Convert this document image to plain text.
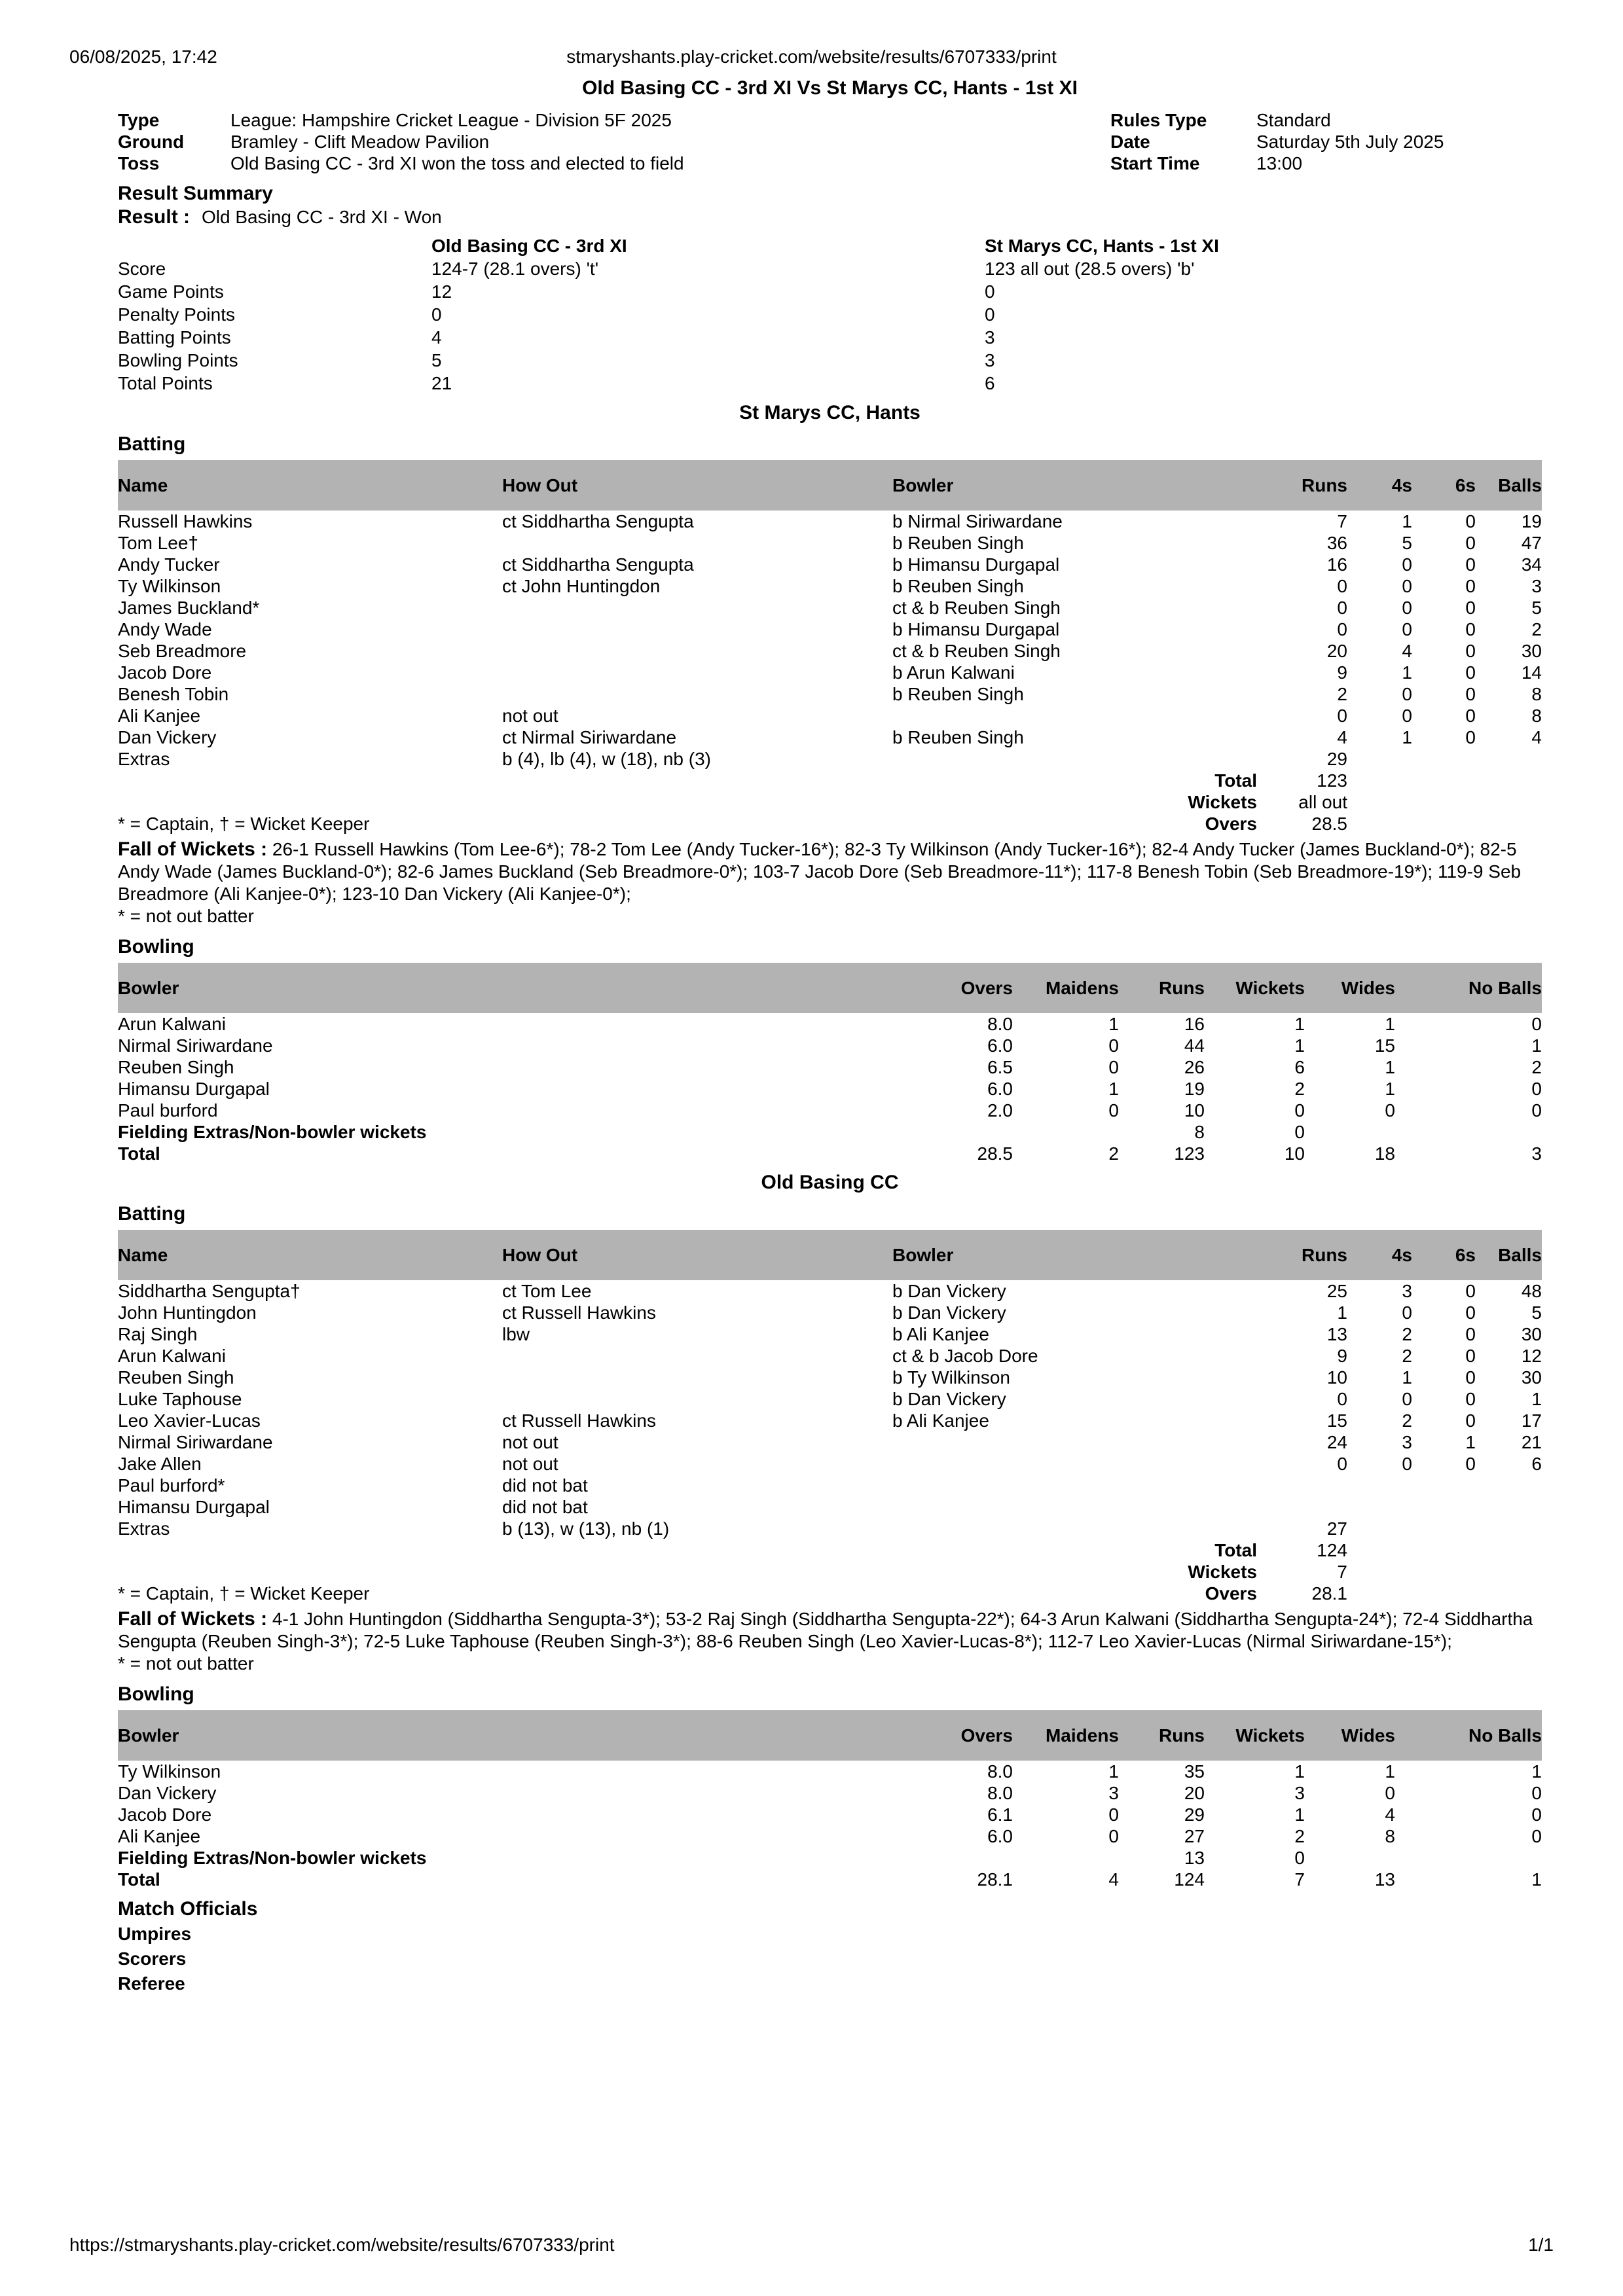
06/08/2025, 17:42	stmaryshants.play-cricket.com/website/results/6707333/print
Old Basing CC - 3rd XI Vs St Marys CC, Hants - 1st XI
Type	League: Hampshire Cricket League - Division 5F 2025	Rules Type	Standard
Ground	Bramley - Clift Meadow Pavilion	Date	Saturday 5th July 2025
Toss	Old Basing CC - 3rd XI won the toss and elected to field	Start Time	13:00
Result Summary
Result : Old Basing CC - 3rd XI - Won
Old Basing CC - 3rd XI	St Marys CC, Hants - 1st XI
Score	124-7 (28.1 overs) 't'	123 all out (28.5 overs) 'b'
Game Points	12	0
Penalty Points	0	0
Batting Points	4	3
Bowling Points	5	3
Total Points	21	6
St Marys CC, Hants
Batting
Name	How Out	Bowler	Runs	4s	6s	Balls
Russell Hawkins	ct Siddhartha Sengupta	b Nirmal Siriwardane	7	1	0	19
Tom Lee†		b Reuben Singh	36	5	0	47
Andy Tucker	ct Siddhartha Sengupta	b Himansu Durgapal	16	0	0	34
Ty Wilkinson	ct John Huntingdon	b Reuben Singh	0	0	0	3
James Buckland*		ct & b Reuben Singh	0	0	0	5
Andy Wade		b Himansu Durgapal	0	0	0	2
Seb Breadmore		ct & b Reuben Singh	20	4	0	30
Jacob Dore		b Arun Kalwani	9	1	0	14
Benesh Tobin		b Reuben Singh	2	0	0	8
Ali Kanjee	not out		0	0	0	8
Dan Vickery	ct Nirmal Siriwardane	b Reuben Singh	4	1	0	4
Extras	b (4), lb (4), w (18), nb (3)		29			
		Total	123			
		Wickets	all out			
* = Captain, † = Wicket Keeper		Overs	28.5			

Fall of Wickets : 26-1 Russell Hawkins (Tom Lee-6*); 78-2 Tom Lee (Andy Tucker-16*); 82-3 Ty Wilkinson (Andy Tucker-16*); 82-4 Andy Tucker (James Buckland-0*); 82-5 Andy Wade (James Buckland-0*); 82-6 James Buckland (Seb Breadmore-0*); 103-7 Jacob Dore (Seb Breadmore-11*); 117-8 Benesh Tobin (Seb Breadmore-19*); 119-9 Seb Breadmore (Ali Kanjee-0*); 123-10 Dan Vickery (Ali Kanjee-0*);

* = not out batter

Bowling
Bowler	Overs	Maidens	Runs	Wickets	Wides	No Balls
Arun Kalwani	8.0	1	16	1	1	0
Nirmal Siriwardane	6.0	0	44	1	15	1
Reuben Singh	6.5	0	26	6	1	2
Himansu Durgapal	6.0	1	19	2	1	0
Paul burford	2.0	0	10	0	0	0
Fielding Extras/Non-bowler wickets			8	0		
Total	28.5	2	123	10	18	3
Old Basing CC
Batting
Name	How Out	Bowler	Runs	4s	6s	Balls
Siddhartha Sengupta†	ct Tom Lee	b Dan Vickery	25	3	0	48
John Huntingdon	ct Russell Hawkins	b Dan Vickery	1	0	0	5
Raj Singh	lbw	b Ali Kanjee	13	2	0	30
Arun Kalwani		ct & b Jacob Dore	9	2	0	12
Reuben Singh		b Ty Wilkinson	10	1	0	30
Luke Taphouse		b Dan Vickery	0	0	0	1
Leo Xavier-Lucas	ct Russell Hawkins	b Ali Kanjee	15	2	0	17
Nirmal Siriwardane	not out		24	3	1	21
Jake Allen	not out		0	0	0	6
Paul burford*	did not bat					
Himansu Durgapal	did not bat					
Extras	b (13), w (13), nb (1)		27			
		Total	124			
		Wickets	7			
* = Captain, † = Wicket Keeper		Overs	28.1			

Fall of Wickets : 4-1 John Huntingdon (Siddhartha Sengupta-3*); 53-2 Raj Singh (Siddhartha Sengupta-22*); 64-3 Arun Kalwani (Siddhartha Sengupta-24*); 72-4 Siddhartha Sengupta (Reuben Singh-3*); 72-5 Luke Taphouse (Reuben Singh-3*); 88-6 Reuben Singh (Leo Xavier-Lucas-8*); 112-7 Leo Xavier-Lucas (Nirmal Siriwardane-15*);

* = not out batter

Bowling
Bowler	Overs	Maidens	Runs	Wickets	Wides	No Balls
Ty Wilkinson	8.0	1	35	1	1	1
Dan Vickery	8.0	3	20	3	0	0
Jacob Dore	6.1	0	29	1	4	0
Ali Kanjee	6.0	0	27	2	8	0
Fielding Extras/Non-bowler wickets			13	0		
Total	28.1	4	124	7	13	1
Match Officials
Umpires
Scorers
Referee
https://stmaryshants.play-cricket.com/website/results/6707333/print	1/1
